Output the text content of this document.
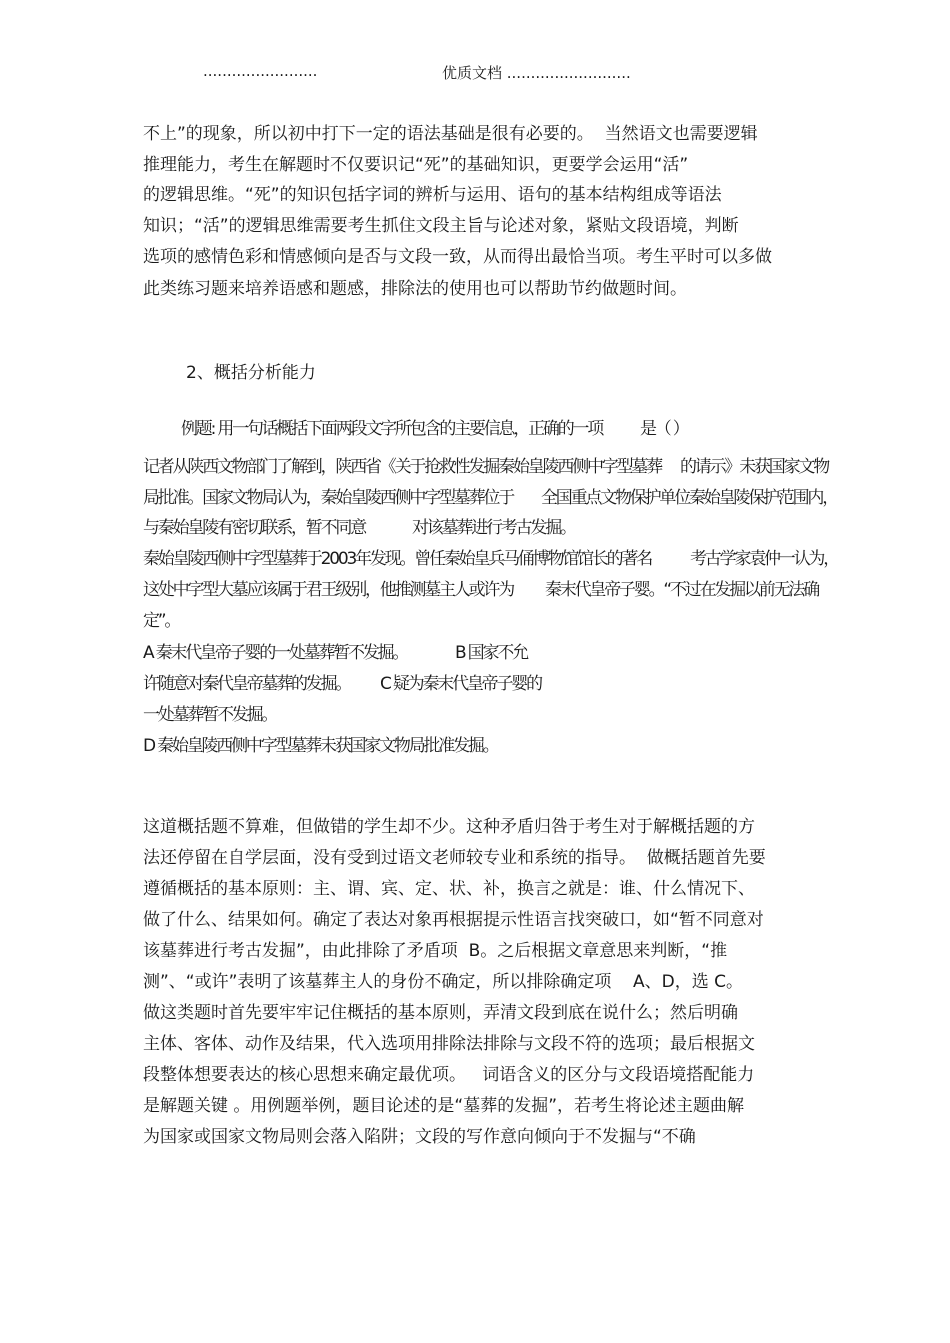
........................	优质文档 ..........................
不上”的现象，所以初中打下一定的语法基础是很有必要的。  当然语文也需要逻辑
推理能力，考生在解题时不仅要识记“死”的基础知识，更要学会运用“活”
的逻辑思维。“死”的知识包括字词的辨析与运用、语句的基本结构组成等语法
知识；“活”的逻辑思维需要考生抓住文段主旨与论述对象，紧贴文段语境，判断
选项的感情色彩和情感倾向是否与文段一致，从而得出最恰当项。考生平时可以多做
此类练习题来培养语感和题感，排除法的使用也可以帮助节约做题时间。
2、概括分析能力
例题: 用一句话概括下面两段文字所包含的主要信息，正确的一项 是（ ）
记者从陕西文物部门了解到，陕西省《关于抢救性发掘秦始皇陵西侧中字型墓葬 的请示》未获国家文物
局批准。国家文物局认为，秦始皇陵西侧中字型墓葬位于 全国重点文物保护单位秦始皇陵保护范围内，
与秦始皇陵有密切联系，暂不同意	对该墓葬进行考古发掘。
秦始皇陵西侧中字型墓葬于2003年发现。曾任秦始皇兵马俑博物馆馆长的著名 考古学家袁仲一认为，
这处中字型大墓应该属于君王级别，他推测墓主人或许为 秦末代皇帝子婴。“不过在发掘以前无法确
定”。
A 秦末代皇帝子婴的一处墓葬暂不发掘。	B 国家不允
许随意对秦代皇帝墓葬的发掘。 C 疑为秦末代皇帝子婴的
一处墓葬暂不发掘。
D 秦始皇陵西侧中字型墓葬未获国家文物局批准发掘。
这道概括题不算难，但做错的学生却不少。这种矛盾归咎于考生对于解概括题的方
法还停留在自学层面，没有受到过语文老师较专业和系统的指导。  做概括题首先要
遵循概括的基本原则：主、谓、宾、定、状、补，换言之就是：谁、什么情况下、
做了什么、结果如何。确定了表达对象再根据提示性语言找突破口，如“暂不同意对
该墓葬进行考古发掘”，由此排除了矛盾项  B。之后根据文章意思来判断，“推
测”、“或许”表明了该墓葬主人的身份不确定，所以排除确定项    A、D，选 C。
做这类题时首先要牢牢记住概括的基本原则，弄清文段到底在说什么；然后明确
主体、客体、动作及结果，代入选项用排除法排除与文段不符的选项；最后根据文
段整体想要表达的核心思想来确定最优项。   词语含义的区分与文段语境搭配能力
是解题关键 。用例题举例，题目论述的是“墓葬的发掘”，若考生将论述主题曲解
为国家或国家文物局则会落入陷阱；文段的写作意向倾向于不发掘与“不确
